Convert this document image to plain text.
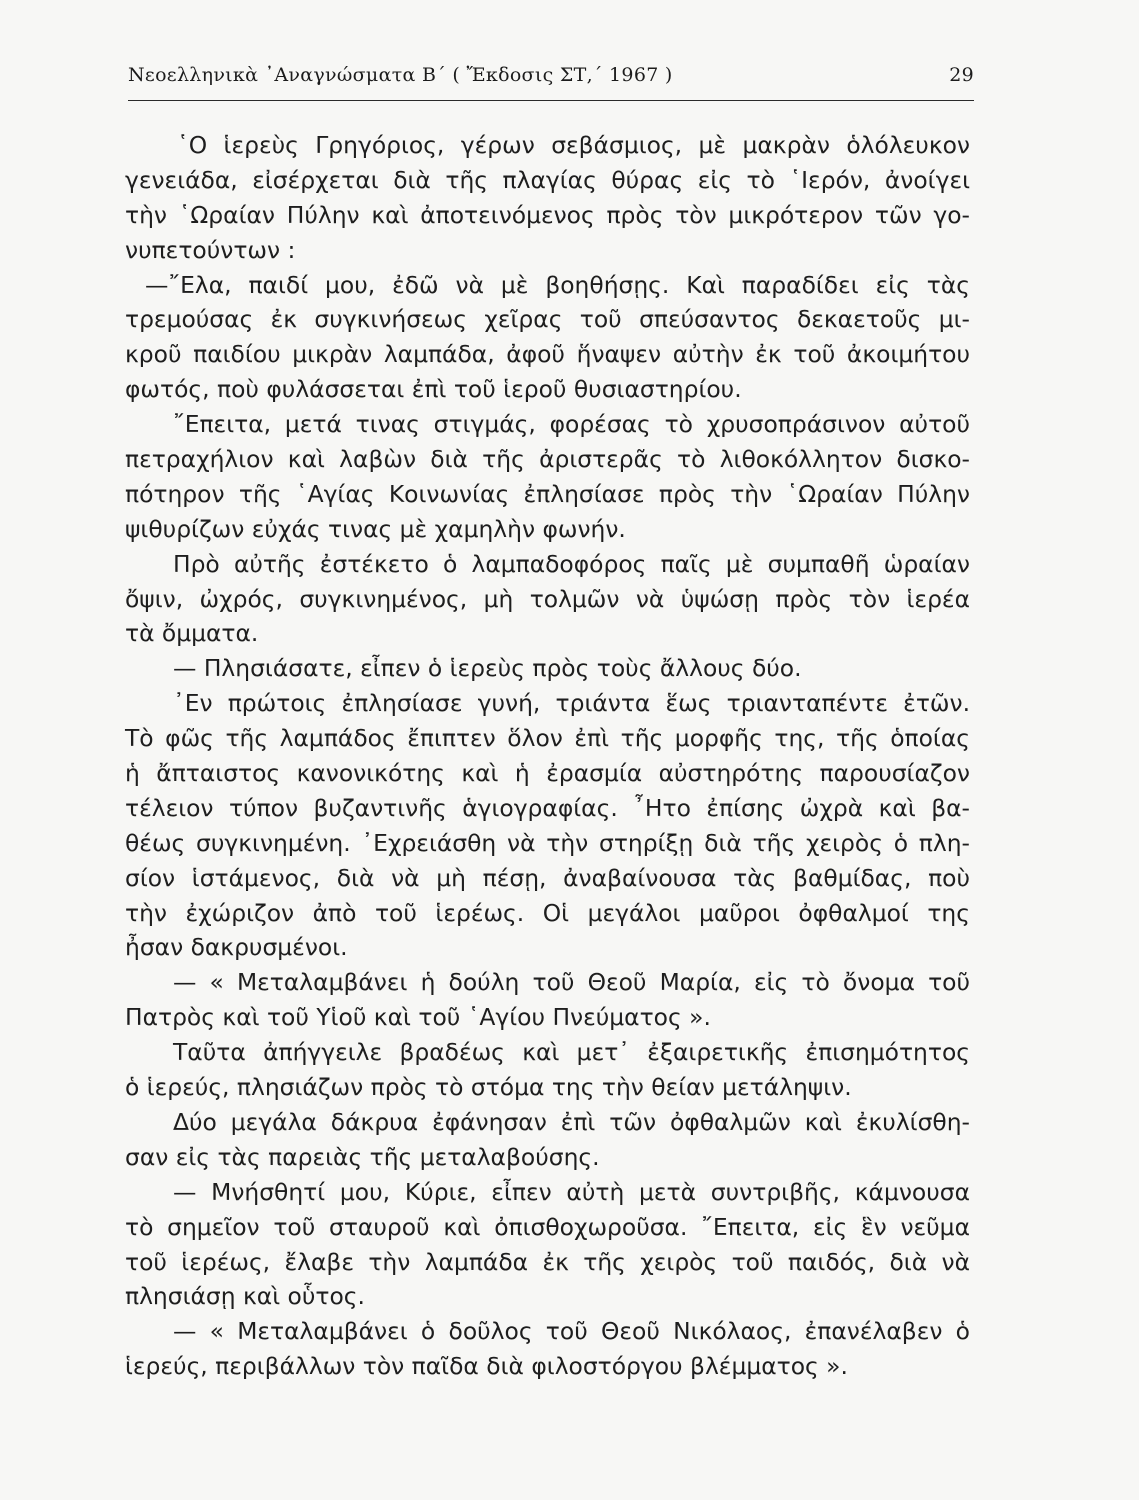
Νεοελληνικὰ ᾿Αναγνώσματα Β΄ ( Ἔκδοσις ΣΤ,΄ 1967 )	29
῾Ο ἱερεὺς Γρηγόριος, γέρων σεβάσμιος, μὲ μακρὰν ὁλόλευκον
γενειάδα, εἰσέρχεται διὰ τῆς πλαγίας θύρας εἰς τὸ ῾Ιερόν, ἀνοίγει
τὴν ῾Ωραίαν Πύλην καὶ ἀποτεινόμενος πρὸς τὸν μικρότερον τῶν γο-
νυπετούντων :
—῎Ελα, παιδί μου, ἐδῶ νὰ μὲ βοηθήσῃς. Καὶ παραδίδει εἰς τὰς
τρεμούσας ἐκ συγκινήσεως χεῖρας τοῦ σπεύσαντος δεκαετοῦς μι-
κροῦ παιδίου μικρὰν λαμπάδα, ἀφοῦ ἥναψεν αὐτὴν ἐκ τοῦ ἀκοιμήτου
φωτός, ποὺ φυλάσσεται ἐπὶ τοῦ ἱεροῦ θυσιαστηρίου.
῎Επειτα, μετά τινας στιγμάς, φορέσας τὸ χρυσοπράσινον αὐτοῦ
πετραχήλιον καὶ λαβὼν διὰ τῆς ἀριστερᾶς τὸ λιθοκόλλητον δισκο-
πότηρον τῆς ῾Αγίας Κοινωνίας ἐπλησίασε πρὸς τὴν ῾Ωραίαν Πύλην
ψιθυρίζων εὐχάς τινας μὲ χαμηλὴν φωνήν.
Πρὸ αὐτῆς ἐστέκετο ὁ λαμπαδοφόρος παῖς μὲ συμπαθῆ ὡραίαν
ὄψιν, ὠχρός, συγκινημένος, μὴ τολμῶν νὰ ὑψώσῃ πρὸς τὸν ἱερέα
τὰ ὄμματα.
— Πλησιάσατε, εἶπεν ὁ ἱερεὺς πρὸς τοὺς ἄλλους δύο.
᾿Εν πρώτοις ἐπλησίασε γυνή, τριάντα ἕως τριανταπέντε ἐτῶν.
Τὸ φῶς τῆς λαμπάδος ἔπιπτεν ὅλον ἐπὶ τῆς μορφῆς της, τῆς ὁποίας
ἡ ἄπταιστος κανονικότης καὶ ἡ ἐρασμία αὐστηρότης παρουσίαζον
τέλειον τύπον βυζαντινῆς ἁγιογραφίας. ῏Ητο ἐπίσης ὠχρὰ καὶ βα-
θέως συγκινημένη. ᾿Εχρειάσθη νὰ τὴν στηρίξῃ διὰ τῆς χειρὸς ὁ πλη-
σίον ἱστάμενος, διὰ νὰ μὴ πέσῃ, ἀναβαίνουσα τὰς βαθμίδας, ποὺ
τὴν ἐχώριζον ἀπὸ τοῦ ἱερέως. Οἱ μεγάλοι μαῦροι ὀφθαλμοί της
ἦσαν δακρυσμένοι.
— « Μεταλαμβάνει ἡ δούλη τοῦ Θεοῦ Μαρία, εἰς τὸ ὄνομα τοῦ
Πατρὸς καὶ τοῦ Υἱοῦ καὶ τοῦ ῾Αγίου Πνεύματος ».
Ταῦτα ἀπήγγειλε βραδέως καὶ μετ᾿ ἐξαιρετικῆς ἐπισημότητος
ὁ ἱερεύς, πλησιάζων πρὸς τὸ στόμα της τὴν θείαν μετάληψιν.
Δύο μεγάλα δάκρυα ἐφάνησαν ἐπὶ τῶν ὀφθαλμῶν καὶ ἐκυλίσθη-
σαν εἰς τὰς παρειὰς τῆς μεταλαβούσης.
— Μνήσθητί μου, Κύριε, εἶπεν αὐτὴ μετὰ συντριβῆς, κάμνουσα
τὸ σημεῖον τοῦ σταυροῦ καὶ ὀπισθοχωροῦσα. ῎Επειτα, εἰς ἓν νεῦμα
τοῦ ἱερέως, ἔλαβε τὴν λαμπάδα ἐκ τῆς χειρὸς τοῦ παιδός, διὰ νὰ
πλησιάσῃ καὶ οὗτος.
— « Μεταλαμβάνει ὁ δοῦλος τοῦ Θεοῦ Νικόλαος, ἐπανέλαβεν ὁ
ἱερεύς, περιβάλλων τὸν παῖδα διὰ φιλοστόργου βλέμματος ».
